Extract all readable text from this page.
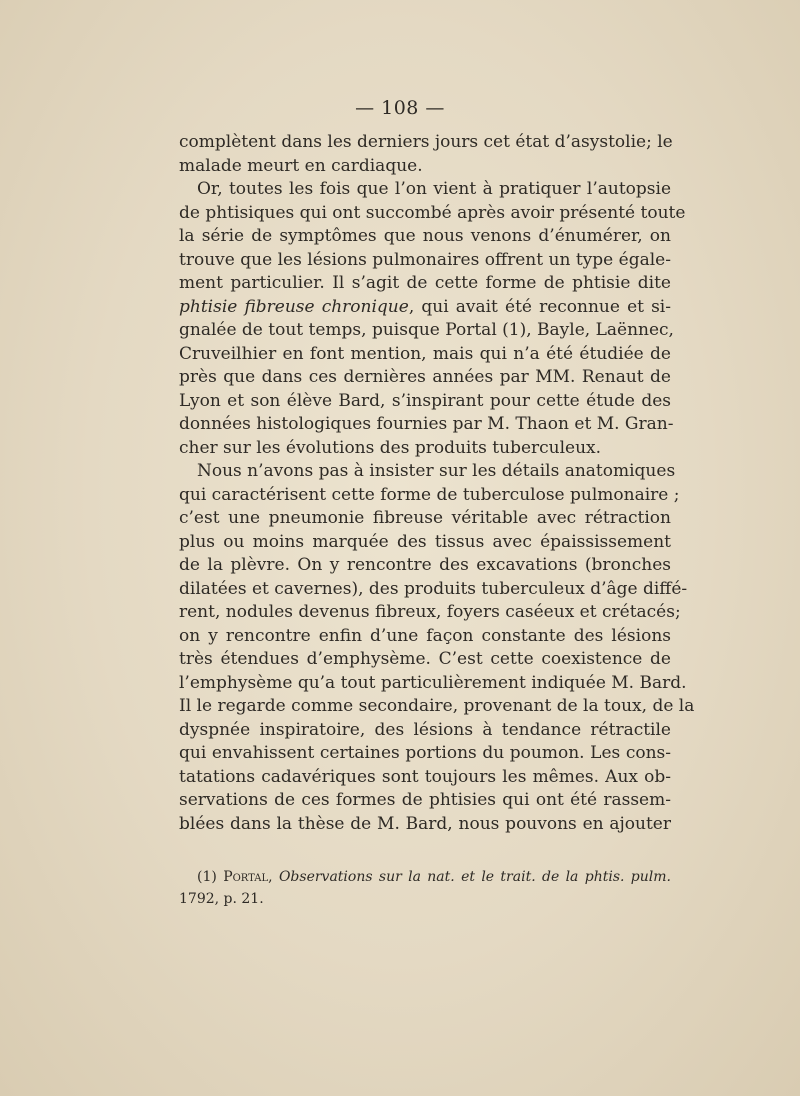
— 108 —
complètent dans les derniers jours cet état d’asystolie; le
malade meurt en cardiaque.
Or, toutes les fois que l’on vient à pratiquer l’autopsie
de phtisiques qui ont succombé après avoir présenté toute
la série de symptômes que nous venons d’énumérer, on
trouve que les lésions pulmonaires offrent un type égale-
ment particulier. Il s’agit de cette forme de phtisie dite
phtisie fibreuse chronique, qui avait été reconnue et si-
gnalée de tout temps, puisque Portal (1), Bayle, Laënnec,
Cruveilhier en font mention, mais qui n’a été étudiée de
près que dans ces dernières années par MM. Renaut de
Lyon et son élève Bard, s’inspirant pour cette étude des
données histologiques fournies par M. Thaon et M. Gran-
cher sur les évolutions des produits tuberculeux.
Nous n’avons pas à insister sur les détails anatomiques
qui caractérisent cette forme de tuberculose pulmonaire ;
c’est une pneumonie fibreuse véritable avec rétraction
plus ou moins marquée des tissus avec épaississement
de la plèvre. On y rencontre des excavations (bronches
dilatées et cavernes), des produits tuberculeux d’âge diffé-
rent, nodules devenus fibreux, foyers caséeux et crétacés;
on y rencontre enfin d’une façon constante des lésions
très étendues d’emphysème. C’est cette coexistence de
l’emphysème qu’a tout particulièrement indiquée M. Bard.
Il le regarde comme secondaire, provenant de la toux, de la
dyspnée inspiratoire, des lésions à tendance rétractile
qui envahissent certaines portions du poumon. Les cons-
tatations cadavériques sont toujours les mêmes. Aux ob-
servations de ces formes de phtisies qui ont été rassem-
blées dans la thèse de M. Bard, nous pouvons en ajouter
(1) Portal, Observations sur la nat. et le trait. de la phtis. pulm.
1792, p. 21.
